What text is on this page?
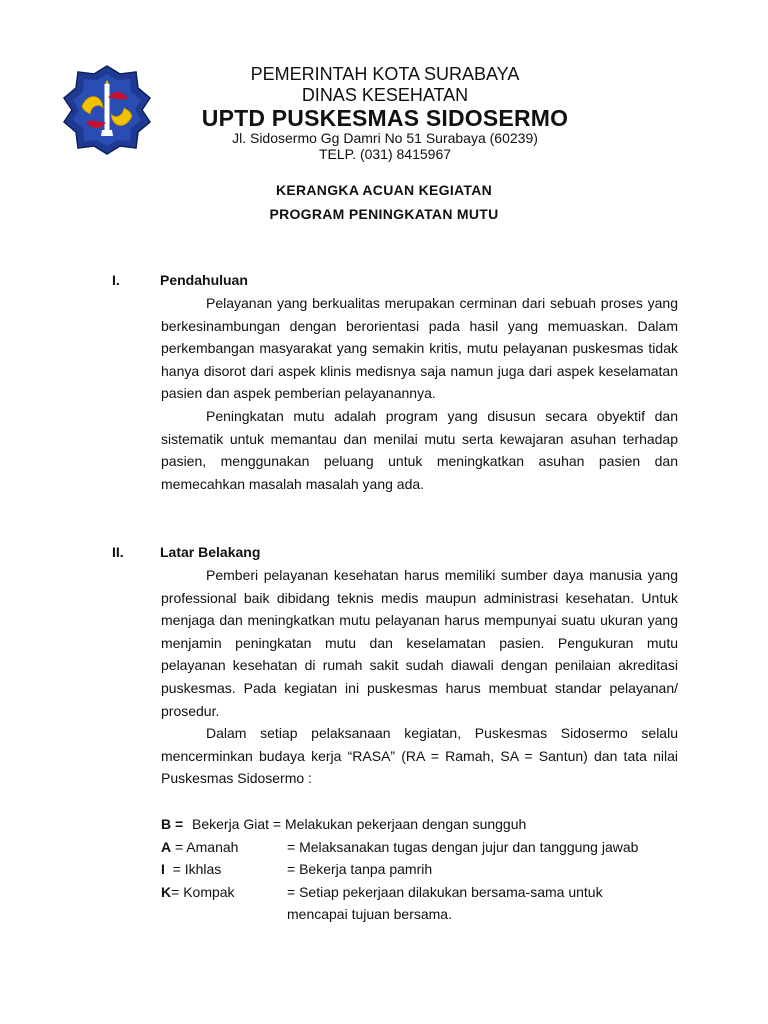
PEMERINTAH KOTA SURABAYA
DINAS KESEHATAN
UPTD PUSKESMAS SIDOSERMO
Jl. Sidosermo Gg Damri No 51 Surabaya (60239)
TELP. (031) 8415967
KERANGKA ACUAN KEGIATAN
PROGRAM PENINGKATAN MUTU
I.	Pendahuluan

Pelayanan yang berkualitas merupakan cerminan dari sebuah proses yang berkesinambungan dengan berorientasi pada hasil yang memuaskan. Dalam perkembangan masyarakat yang semakin kritis, mutu pelayanan puskesmas tidak hanya disorot dari aspek klinis medisnya saja namun juga dari aspek keselamatan pasien dan aspek pemberian pelayanannya.

Peningkatan mutu adalah program yang disusun secara obyektif dan sistematik untuk memantau dan menilai mutu serta kewajaran asuhan terhadap pasien, menggunakan peluang untuk meningkatkan asuhan pasien dan memecahkan masalah masalah yang ada.

II.	Latar Belakang

Pemberi pelayanan kesehatan harus memiliki sumber daya manusia yang professional baik dibidang teknis medis maupun administrasi kesehatan. Untuk menjaga dan meningkatkan mutu pelayanan harus mempunyai suatu ukuran yang menjamin peningkatan mutu dan keselamatan pasien. Pengukuran mutu pelayanan kesehatan di rumah sakit sudah diawali dengan penilaian akreditasi puskesmas. Pada kegiatan ini puskesmas harus membuat standar pelayanan/ prosedur.

Dalam setiap pelaksanaan kegiatan, Puskesmas Sidosermo selalu mencerminkan budaya kerja “RASA” (RA = Ramah, SA = Santun) dan tata nilai Puskesmas Sidosermo :

B = Bekerja Giat = Melakukan pekerjaan dengan sungguh
A = Amanah	= Melaksanakan tugas dengan jujur dan tanggung jawab
I  = Ikhlas	= Bekerja tanpa pamrih
K= Kompak	= Setiap pekerjaan dilakukan bersama-sama untuk
mencapai tujuan bersama.
